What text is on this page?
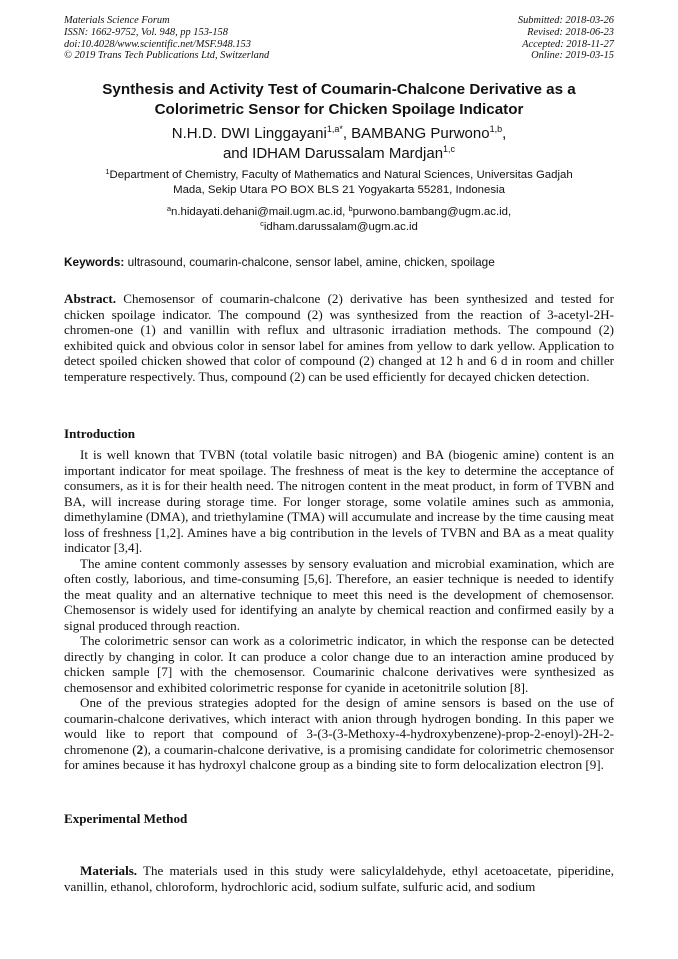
Materials Science Forum
ISSN: 1662-9752, Vol. 948, pp 153-158
doi:10.4028/www.scientific.net/MSF.948.153
© 2019 Trans Tech Publications Ltd, Switzerland
Submitted: 2018-03-26
Revised: 2018-06-23
Accepted: 2018-11-27
Online: 2019-03-15
Synthesis and Activity Test of Coumarin-Chalcone Derivative as a
Colorimetric Sensor for Chicken Spoilage Indicator
N.H.D. DWI Linggayani$^{1,a*}$, BAMBANG Purwono$^{1,b}$,
and IDHAM Darussalam Mardjan$^{1,c}$
$^1$Department of Chemistry, Faculty of Mathematics and Natural Sciences, Universitas Gadjah
Mada, Sekip Utara PO BOX BLS 21 Yogyakarta 55281, Indonesia
$^a$n.hidayati.dehani@mail.ugm.ac.id, $^b$purwono.bambang@ugm.ac.id,
$^c$idham.darussalam@ugm.ac.id
Keywords: ultrasound, coumarin-chalcone, sensor label, amine, chicken, spoilage

Abstract. Chemosensor of coumarin-chalcone (2) derivative has been synthesized and tested for chicken spoilage indicator. The compound (2) was synthesized from the reaction of 3-acetyl-2H-chromen-one (1) and vanillin with reflux and ultrasonic irradiation methods. The compound (2) exhibited quick and obvious color in sensor label for amines from yellow to dark yellow. Application to detect spoiled chicken showed that color of compound (2) changed at 12 h and 6 d in room and chiller temperature respectively. Thus, compound (2) can be used efficiently for decayed chicken detection.

Introduction

It is well known that TVBN (total volatile basic nitrogen) and BA (biogenic amine) content is an important indicator for meat spoilage. The freshness of meat is the key to determine the acceptance of consumers, as it is for their health need. The nitrogen content in the meat product, in form of TVBN and BA, will increase during storage time. For longer storage, some volatile amines such as ammonia, dimethylamine (DMA), and triethylamine (TMA) will accumulate and increase by the time causing meat loss of freshness [1,2]. Amines have a big contribution in the levels of TVBN and BA as a meat quality indicator [3,4].

The amine content commonly assesses by sensory evaluation and microbial examination, which are often costly, laborious, and time-consuming [5,6]. Therefore, an easier technique is needed to identify the meat quality and an alternative technique to meet this need is the development of chemosensor. Chemosensor is widely used for identifying an analyte by chemical reaction and confirmed easily by a signal produced through reaction.

The colorimetric sensor can work as a colorimetric indicator, in which the response can be detected directly by changing in color. It can produce a color change due to an interaction amine produced by chicken sample [7] with the chemosensor. Coumarinic chalcone derivatives were synthesized as chemosensor and exhibited colorimetric response for cyanide in acetonitrile solution [8].

One of the previous strategies adopted for the design of amine sensors is based on the use of coumarin-chalcone derivatives, which interact with anion through hydrogen bonding. In this paper we would like to report that compound of 3-(3-(3-Methoxy-4-hydroxybenzene)-prop-2-enoyl)-2H-2-chromenone (2), a coumarin-chalcone derivative, is a promising candidate for colorimetric chemosensor for amines because it has hydroxyl chalcone group as a binding site to form delocalization electron [9].

Experimental Method

Materials. The materials used in this study were salicylaldehyde, ethyl acetoacetate, piperidine, vanillin, ethanol, chloroform, hydrochloric acid, sodium sulfate, sulfuric acid, and sodium
